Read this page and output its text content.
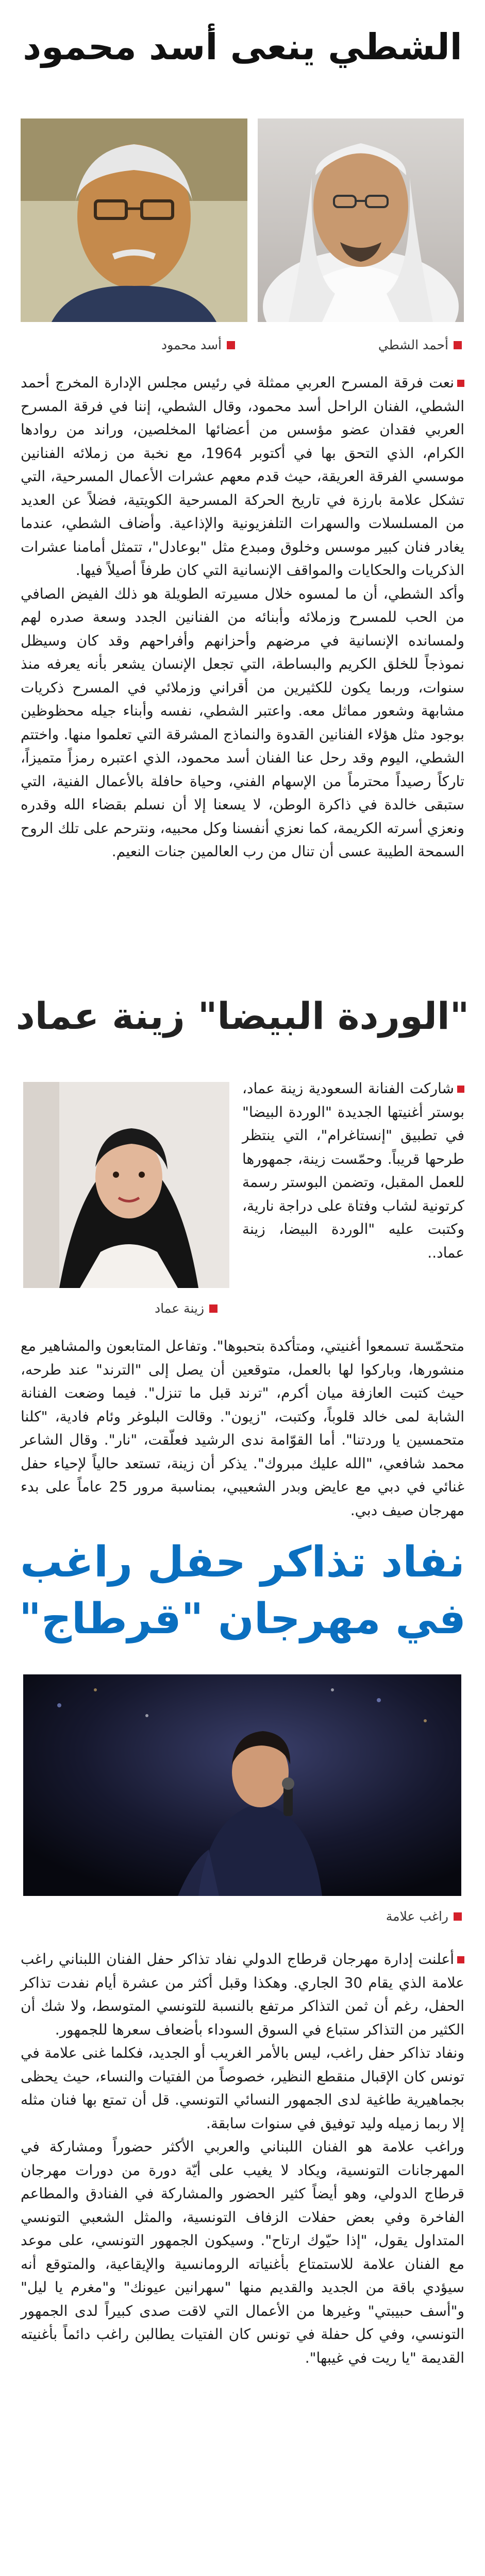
الشطي ينعى أسد محمود
أحمد الشطي
أسد محمود

نعت فرقة المسرح العربي ممثلة في رئيس مجلس الإدارة المخرج أحمد الشطي، الفنان الراحل أسد محمود، وقال الشطي، إننا في فرقة المسرح العربي فقدان عضو مؤسس من أعضائها المخلصين، وراند من روادها الكرام، الذي التحق بها في أكتوبر 1964، مع نخبة من زملائه الفنانين موسسي الفرقة العريقة، حيث قدم معهم عشرات الأعمال المسرحية، التي تشكل علامة بارزة في تاريخ الحركة المسرحية الكويتية، فضلاً عن العديد من المسلسلات والسهرات التلفزيونية والإذاعية. وأضاف الشطي، عندما يغادر فنان كبير موسس وخلوق ومبدع مثل "بوعادل"، تتمثل أمامنا عشرات الذكريات والحكايات والمواقف الإنسانية التي كان طرفاً أصيلاً فيها.

وأكد الشطي، أن ما لمسوه خلال مسيرته الطويلة هو ذلك الفيض الصافي من الحب للمسرح وزملائه وأبنائه من الفنانين الجدد وسعة صدره لهم ولمسانده الإنسانية في مرضهم وأحزانهم وأفراحهم وقد كان وسيظل نموذجاً للخلق الكريم والبساطة، التي تجعل الإنسان يشعر بأنه يعرفه منذ سنوات، وربما يكون للكثيرين من أقراني وزملائي في المسرح ذكريات مشابهة وشعور مماثل معه. واعتبر الشطي، نفسه وأبناء جيله محظوظين بوجود مثل هؤلاء الفنانين القدوة والنماذج المشرقة التي تعلموا منها. واختتم الشطي، اليوم وقد رحل عنا الفنان أسد محمود، الذي اعتبره رمزاً متميزاً، تاركاً رصيداً محترماً من الإسهام الفني، وحياة حافلة بالأعمال الفنية، التي ستبقى خالدة في ذاكرة الوطن، لا يسعنا إلا أن نسلم بقضاء الله وقدره ونعزي أسرته الكريمة، كما نعزي أنفسنا وكل محبيه، ونترحم على تلك الروح السمحة الطيبة عسى أن تنال من رب العالمين جنات النعيم.

"الوردة البيضا" زينة عماد
زينة عماد

شاركت الفنانة السعودية زينة عماد، بوستر أغنيتها الجديدة "الوردة البيضا" في تطبيق "إنستاغرام"، التي ينتظر طرحها قريباً. وحمّست زينة، جمهورها للعمل المقبل، وتضمن البوستر رسمة كرتونية لشاب وفتاة على دراجة نارية، وكتبت عليه "الوردة البيضا، زينة عماد..

متحمّسة تسمعوا أغنيتي، ومتأكدة بتحبوها". وتفاعل المتابعون والمشاهير مع منشورها، وباركوا لها بالعمل، متوقعين أن يصل إلى "الترند" عند طرحه، حيث كتبت العازفة ميان أكرم، "ترند قبل ما تنزل". فيما وضعت الفنانة الشابة لمى خالد قلوباً، وكتبت، "زيون". وقالت البلوغر وئام فادية، "كلنا متحمسين يا وردتنا". أما القوّامة ندى الرشيد فعلّقت، "نار". وقال الشاعر محمد شافعي، "الله عليك مبروك". يذكر أن زينة، تستعد حالياً لإحياء حفل غنائي في دبي مع عايض وبدر الشعيبي، بمناسبة مرور 25 عاماً على بدء مهرجان صيف دبي.

نفاد تذاكر حفل راغب
في مهرجان "قرطاج"
راغب علامة

أعلنت إدارة مهرجان قرطاج الدولي نفاد تذاكر حفل الفنان اللبناني راغب علامة الذي يقام 30 الجاري. وهكذا وقبل أكثر من عشرة أيام نفدت تذاكر الحفل، رغم أن ثمن التذاكر مرتفع بالنسبة للتونسي المتوسط، ولا شك أن الكثير من التذاكر ستباع في السوق السوداء بأضعاف سعرها للجمهور.

ونفاد تذاكر حفل راغب، ليس بالأمر الغريب أو الجديد، فكلما غنى علامة في تونس كان الإقبال منقطع النظير، خصوصاً من الفتيات والنساء، حيث يحظى بجماهيرية طاغية لدى الجمهور النسائي التونسي. قل أن تمتع بها فنان مثله إلا ربما زميله وليد توفيق في سنوات سابقة.

وراغب علامة هو الفنان اللبناني والعربي الأكثر حضوراً ومشاركة في المهرجانات التونسية، ويكاد لا يغيب على أيّة دورة من دورات مهرجان قرطاج الدولي، وهو أيضاً كثير الحضور والمشاركة في الفنادق والمطاعم الفاخرة وفي بعض حفلات الزفاف التونسية، والمثل الشعبي التونسي المتداول يقول، "إذا حيّوك ارتاح". وسيكون الجمهور التونسي، على موعد مع الفنان علامة للاستمتاع بأغنياته الرومانسية والإيقاعية، والمتوقع أنه سيؤدي باقة من الجديد والقديم منها "سهرانين عيونك" و"مغرم يا ليل" و"أسف حبيبتي" وغيرها من الأعمال التي لاقت صدى كبيراً لدى الجمهور التونسي، وفي كل حفلة في تونس كان الفتيات يطالبن راغب دائماً بأغنيته القديمة "يا ريت في غيبها".
